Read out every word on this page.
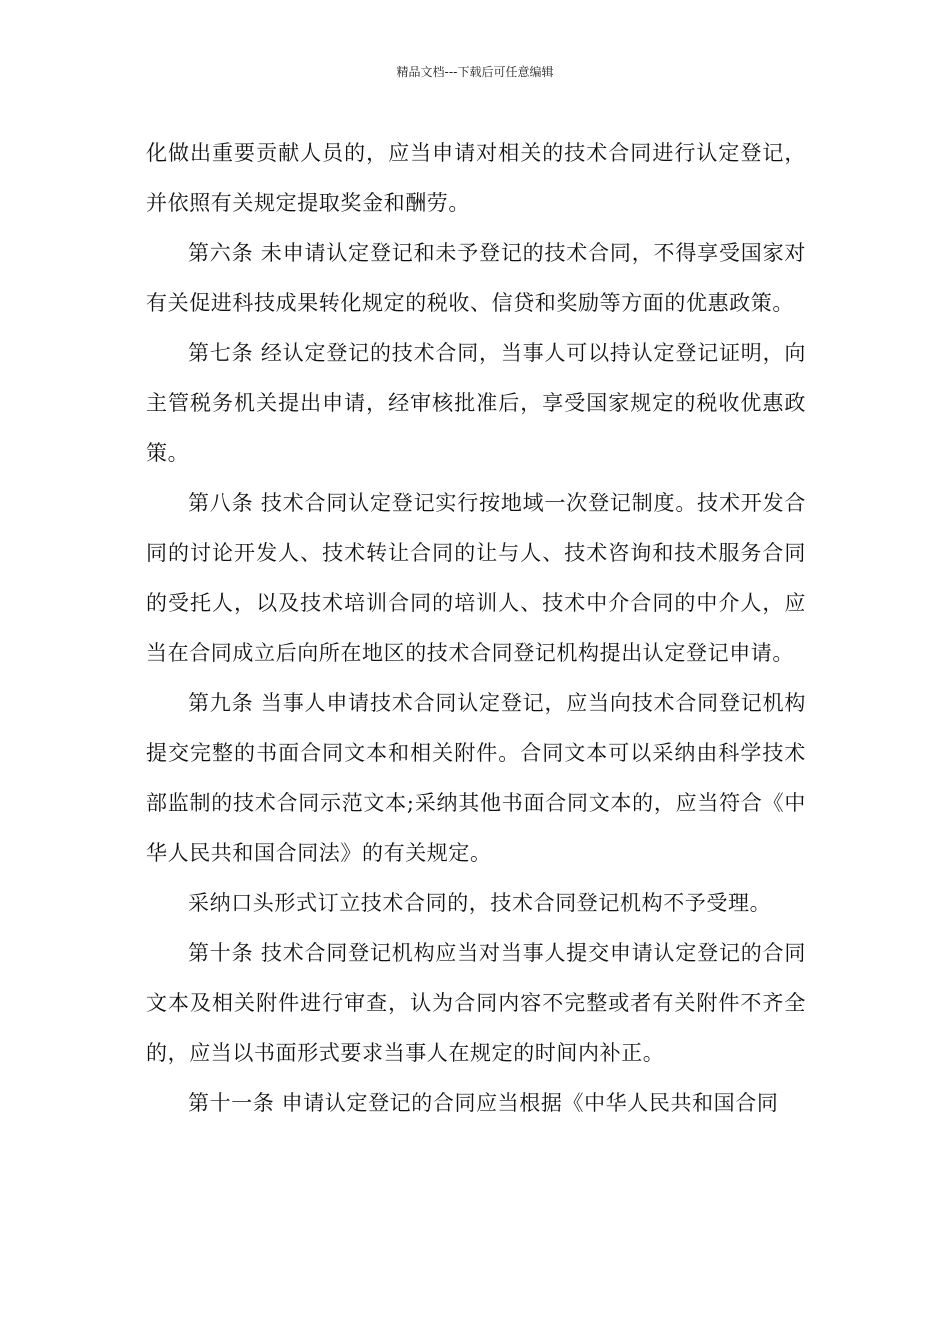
精品文档---下载后可任意编辑

化做出重要贡献人员的，应当申请对相关的技术合同进行认定登记，并依照有关规定提取奖金和酬劳。

第六条 未申请认定登记和未予登记的技术合同，不得享受国家对有关促进科技成果转化规定的税收、信贷和奖励等方面的优惠政策。

第七条 经认定登记的技术合同，当事人可以持认定登记证明，向主管税务机关提出申请，经审核批准后，享受国家规定的税收优惠政策。

第八条 技术合同认定登记实行按地域一次登记制度。技术开发合同的讨论开发人、技术转让合同的让与人、技术咨询和技术服务合同的受托人，以及技术培训合同的培训人、技术中介合同的中介人，应当在合同成立后向所在地区的技术合同登记机构提出认定登记申请。

第九条 当事人申请技术合同认定登记，应当向技术合同登记机构提交完整的书面合同文本和相关附件。合同文本可以采纳由科学技术部监制的技术合同示范文本;采纳其他书面合同文本的，应当符合《中华人民共和国合同法》的有关规定。

采纳口头形式订立技术合同的，技术合同登记机构不予受理。

第十条 技术合同登记机构应当对当事人提交申请认定登记的合同文本及相关附件进行审查，认为合同内容不完整或者有关附件不齐全的，应当以书面形式要求当事人在规定的时间内补正。

第十一条 申请认定登记的合同应当根据《中华人民共和国合同
